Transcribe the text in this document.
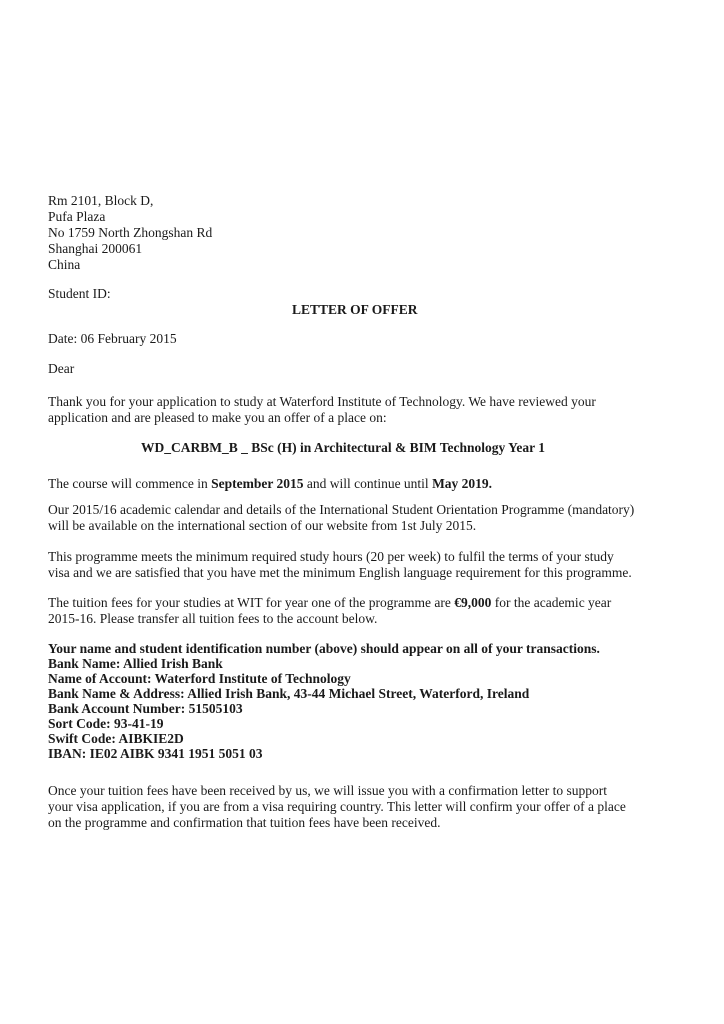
Rm 2101, Block D,
Pufa Plaza
No 1759 North Zhongshan Rd
Shanghai 200061
China
Student ID:
LETTER OF OFFER
Date: 06 February 2015
Dear
Thank you for your application to study at Waterford Institute of Technology. We have reviewed your
application and are pleased to make you an offer of a place on:
WD_CARBM_B _ BSc (H) in Architectural & BIM Technology Year 1
The course will commence in September 2015 and will continue until May 2019.
Our 2015/16 academic calendar and details of the International Student Orientation Programme (mandatory)
will be available on the international section of our website from 1st July 2015.
This programme meets the minimum required study hours (20 per week) to fulfil the terms of your study
visa and we are satisfied that you have met the minimum English language requirement for this programme.
The tuition fees for your studies at WIT for year one of the programme are €9,000 for the academic year
2015-16. Please transfer all tuition fees to the account below.
Your name and student identification number (above) should appear on all of your transactions.
Bank Name: Allied Irish Bank
Name of Account: Waterford Institute of Technology
Bank Name & Address: Allied Irish Bank, 43-44 Michael Street, Waterford, Ireland
Bank Account Number: 51505103
Sort Code: 93-41-19
Swift Code: AIBKIE2D
IBAN: IE02 AIBK 9341 1951 5051 03
Once your tuition fees have been received by us, we will issue you with a confirmation letter to support
your visa application, if you are from a visa requiring country. This letter will confirm your offer of a place
on the programme and confirmation that tuition fees have been received.
